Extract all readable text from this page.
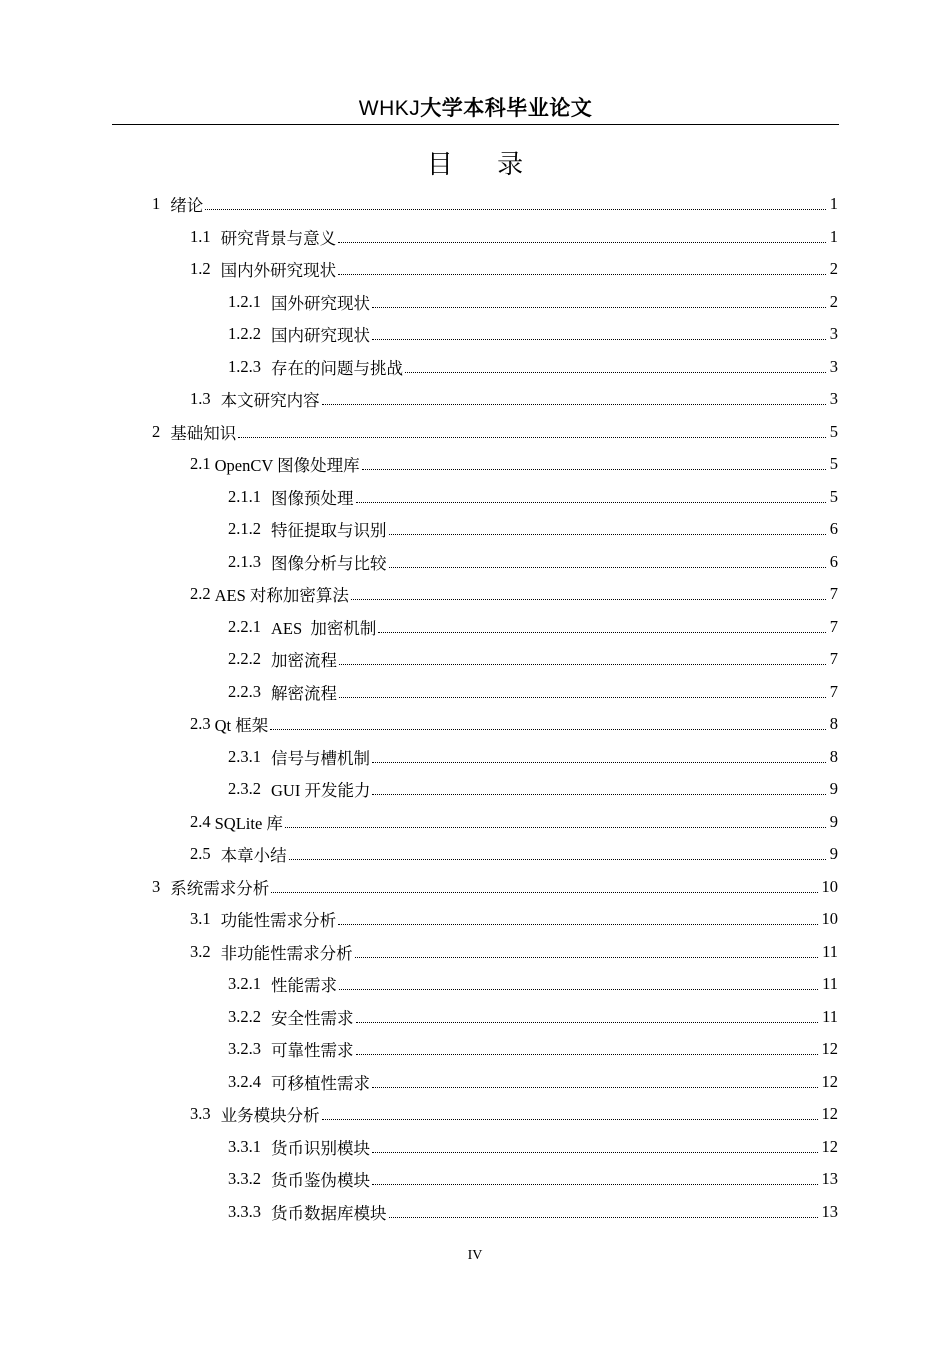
WHKJ大学本科毕业论文
目 录
1 绪论	1
1.1 研究背景与意义	1
1.2 国内外研究现状	2
1.2.1 国外研究现状	2
1.2.2 国内研究现状	3
1.2.3 存在的问题与挑战	3
1.3 本文研究内容	3
2 基础知识	5
2.1 OpenCV 图像处理库	5
2.1.1 图像预处理	5
2.1.2 特征提取与识别	6
2.1.3 图像分析与比较	6
2.2 AES 对称加密算法	7
2.2.1 AES  加密机制	7
2.2.2 加密流程	7
2.2.3 解密流程	7
2.3 Qt 框架	8
2.3.1 信号与槽机制	8
2.3.2 GUI 开发能力	9
2.4 SQLite 库	9
2.5 本章小结	9
3 系统需求分析	10
3.1 功能性需求分析	10
3.2 非功能性需求分析	11
3.2.1 性能需求	11
3.2.2 安全性需求	11
3.2.3 可靠性需求	12
3.2.4 可移植性需求	12
3.3 业务模块分析	12
3.3.1 货币识别模块	12
3.3.2 货币鉴伪模块	13
3.3.3 货币数据库模块	13
IV
